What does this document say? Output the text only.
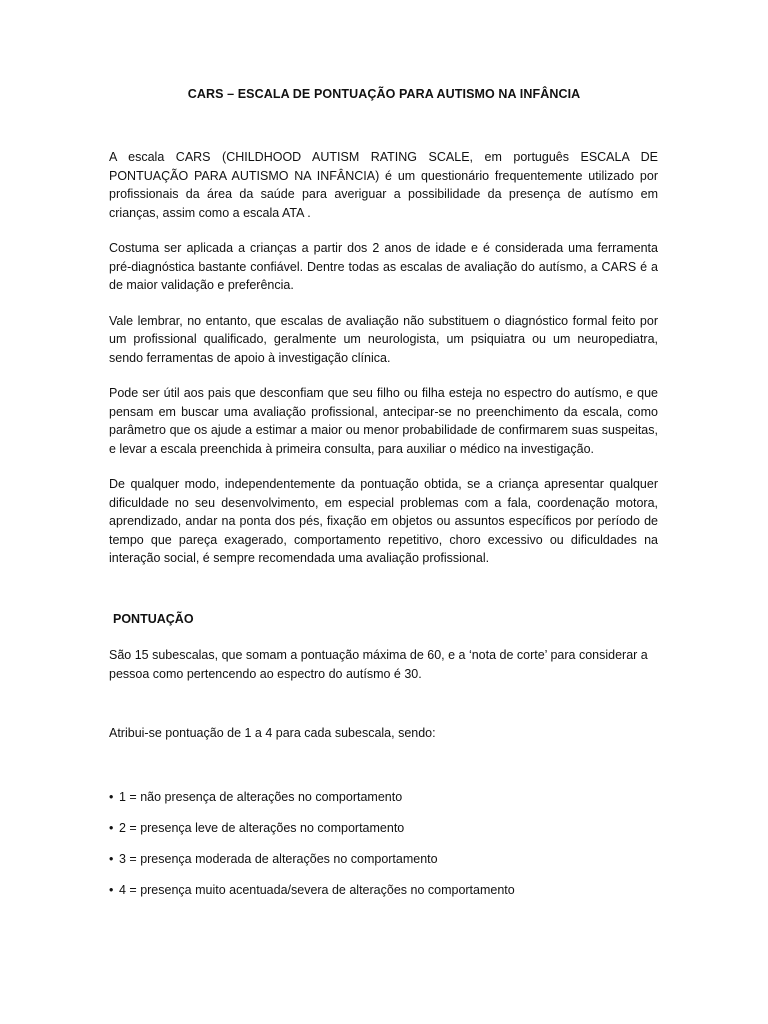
CARS – ESCALA DE PONTUAÇÃO PARA AUTISMO NA INFÂNCIA

A escala CARS (CHILDHOOD AUTISM RATING SCALE, em português ESCALA DE PONTUAÇÃO PARA AUTISMO NA INFÂNCIA) é um questionário frequentemente utilizado por profissionais da área da saúde para averiguar a possibilidade da presença de autísmo em crianças, assim como a escala ATA .

Costuma ser aplicada a crianças a partir dos 2 anos de idade e é considerada uma ferramenta pré-diagnóstica bastante confiável. Dentre todas as escalas de avaliação do autísmo, a CARS é a de maior validação e preferência.

Vale lembrar, no entanto, que escalas de avaliação não substituem o diagnóstico formal feito por um profissional qualificado, geralmente um neurologista, um psiquiatra ou um neuropediatra, sendo ferramentas de apoio à investigação clínica.

Pode ser útil aos pais que desconfiam que seu filho ou filha esteja no espectro do autísmo, e que pensam em buscar uma avaliação profissional, antecipar-se no preenchimento da escala, como parâmetro que os ajude a estimar a maior ou menor probabilidade de confirmarem suas suspeitas, e levar a escala preenchida à primeira consulta, para auxiliar o médico na investigação.

De qualquer modo, independentemente da pontuação obtida, se a criança apresentar qualquer dificuldade no seu desenvolvimento, em especial problemas com a fala, coordenação motora, aprendizado, andar na ponta dos pés, fixação em objetos ou assuntos específicos por período de tempo que pareça exagerado, comportamento repetitivo, choro excessivo ou dificuldades na interação social, é sempre recomendada uma avaliação profissional.

PONTUAÇÃO

São 15 subescalas, que somam a pontuação máxima de 60, e a ‘nota de corte’ para considerar a pessoa como pertencendo ao espectro do autísmo é 30.

Atribui-se pontuação de 1 a 4 para cada subescala, sendo:

• 1 = não presença de alterações no comportamento
• 2 = presença leve de alterações no comportamento
• 3 = presença moderada de alterações no comportamento
• 4 = presença muito acentuada/severa de alterações no comportamento
